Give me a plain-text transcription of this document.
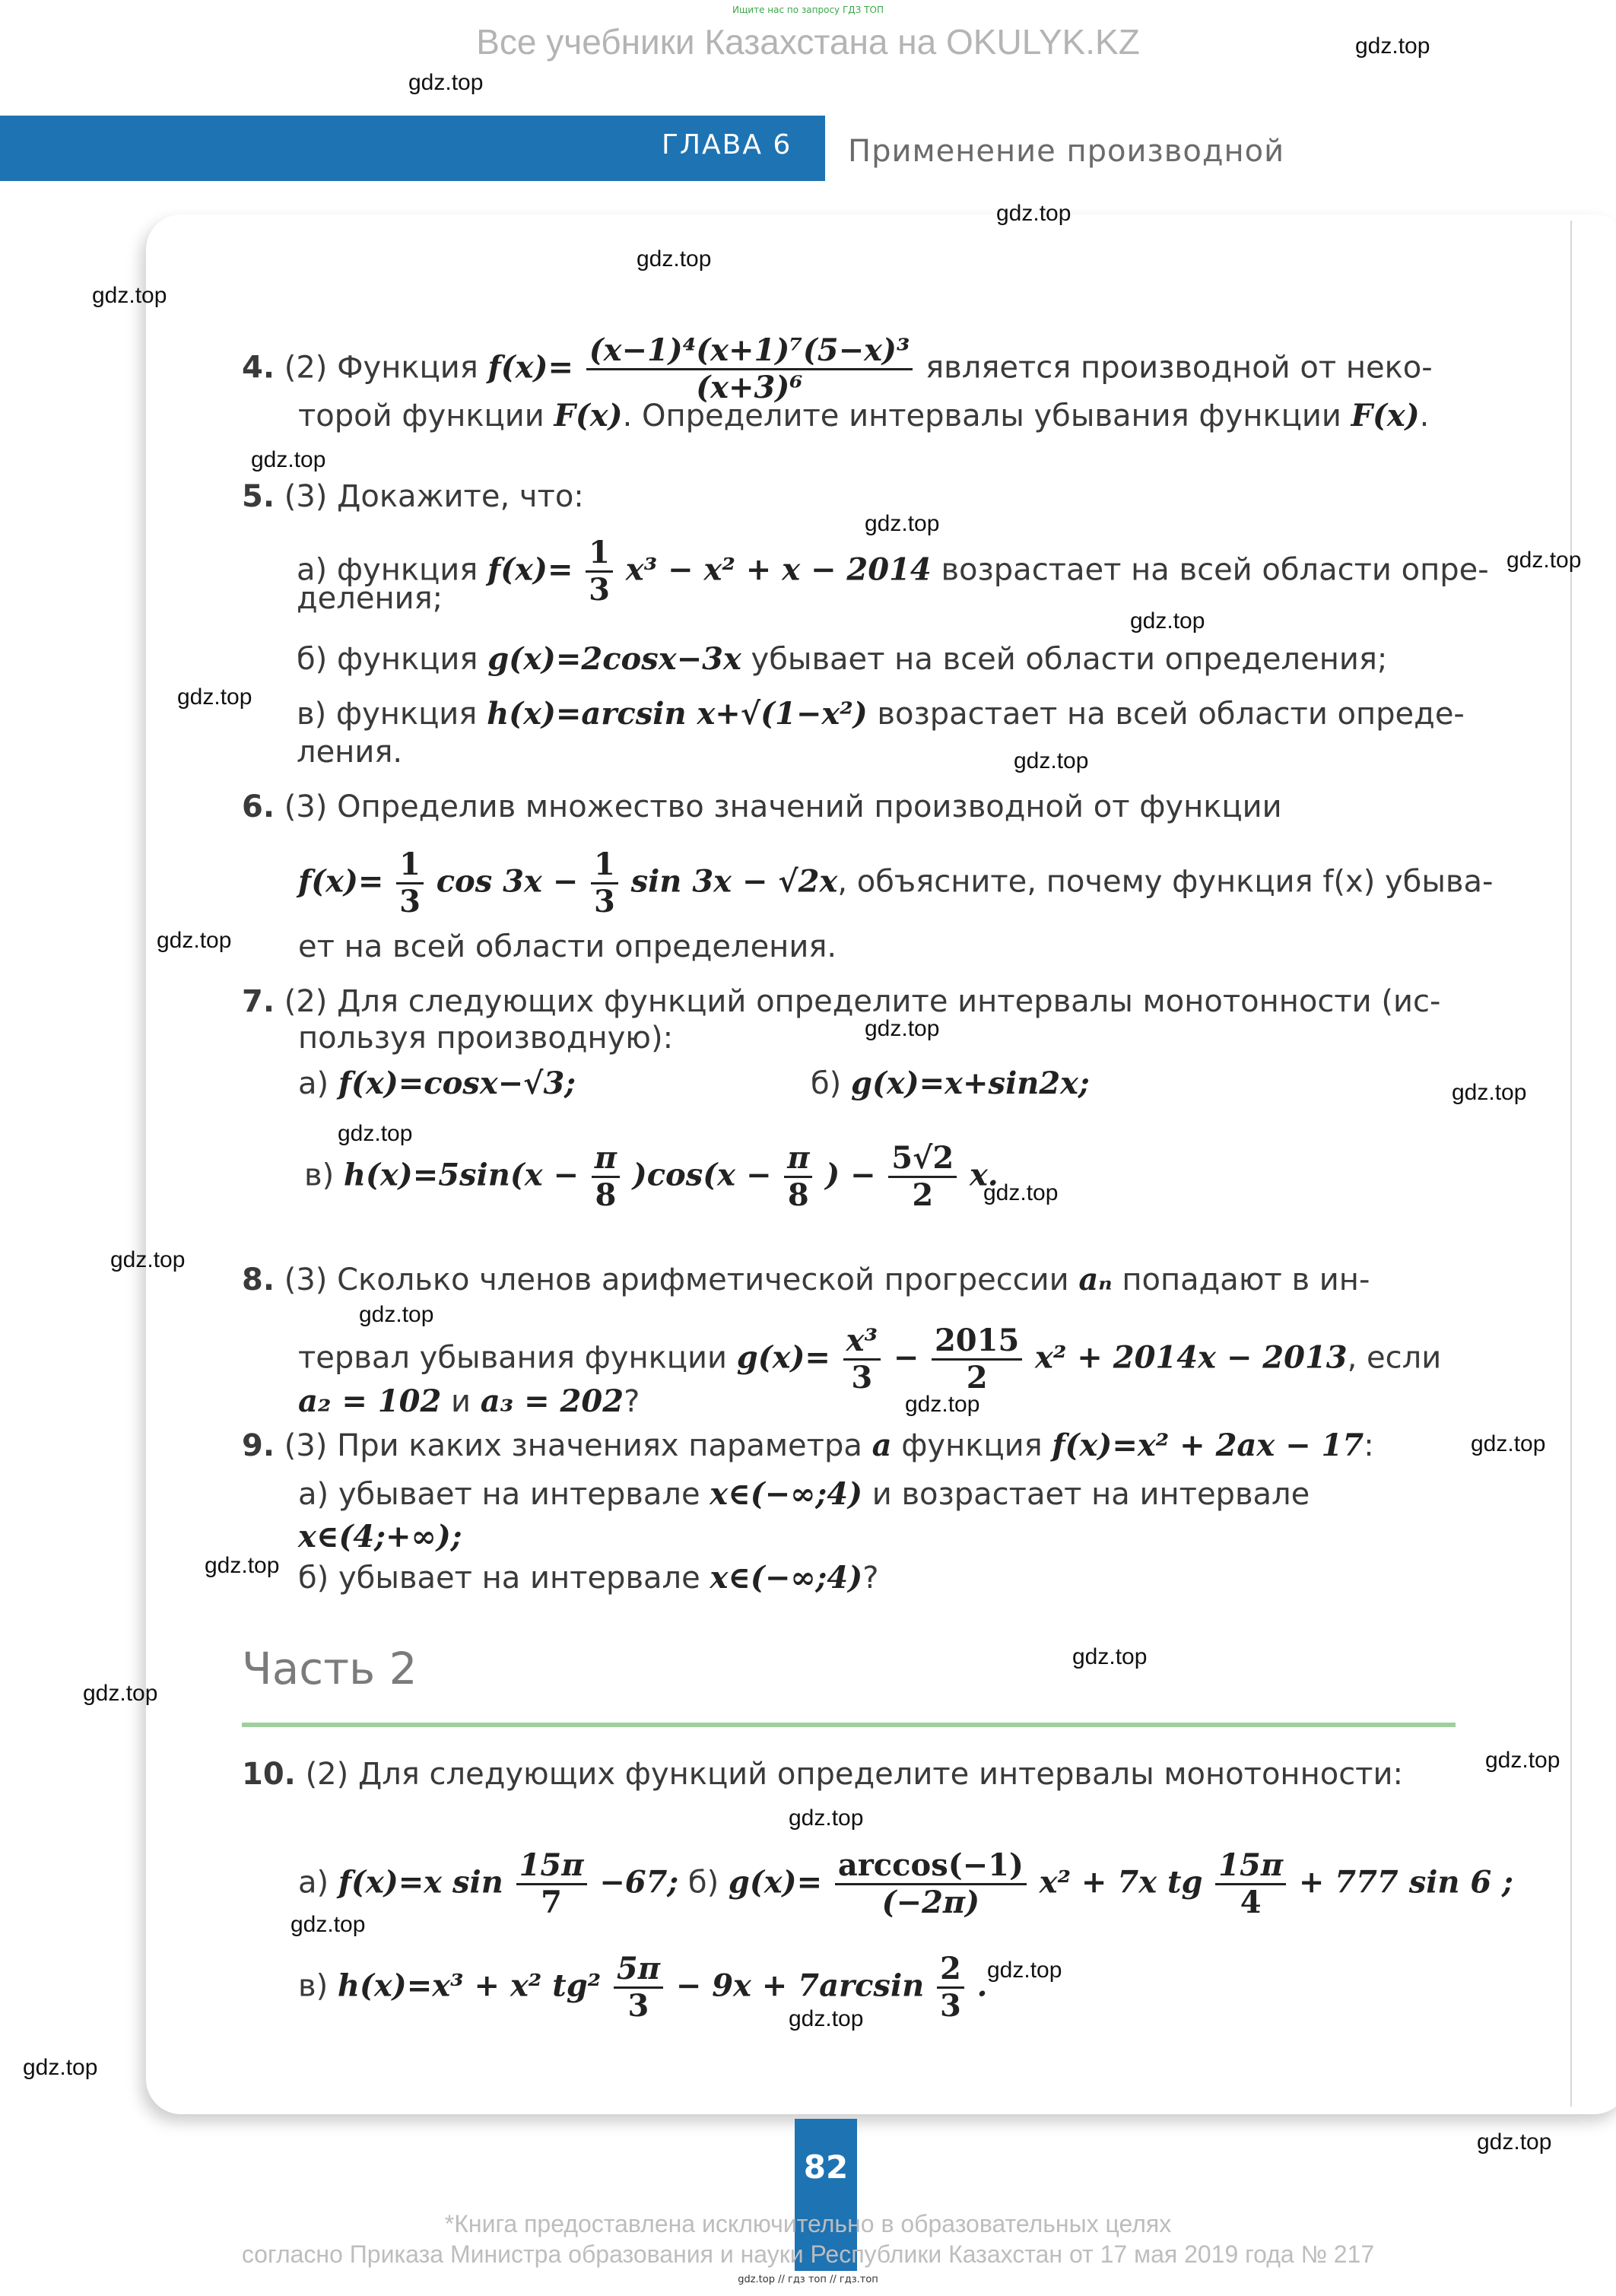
Ищите нас по запросу ГДЗ ТОП
Все учебники Казахстана на OKULYK.KZ
ГЛАВА 6 Применение производной
4. (2) Функция $f(x)= \frac{\text{(x−1)⁴(x+1)⁷(5−x)³}}{\text{(x+3)⁶}}$ является производной от неко-
торой функции F(x). Определите интервалы убывания функции F(x).
5. (3) Докажите, что:
а) функция $f(x)= \frac{1}{3} x^3 - x^2 + x - 2014$ возрастает на всей области опре-
деления;
б) функция g(x)=2cosx−3x убывает на всей области определения;
в) функция h(x)=arcsin x+√(1−x²) возрастает на всей области опреде-
ления.
6. (3) Определив множество значений производной от функции
$f(x)= \frac{1}{3}$ $\cos 3x - \frac{1}{3}$ sin 3x − √2x, объясните, почему функция f(x) убыва-
ет на всей области определения.
7. (2) Для следующих функций определите интервалы монотонности (ис-
пользуя производную):
а) f(x)=cosx−√3;	б) g(x)=x+sin2x;
в) $h(x)=5\sin(x - \frac{\pi}{8} )\cos(x - \frac{\pi}{8}$ ) − $\frac{5√2}{2} x$.
8. (3) Сколько членов арифметической прогрессии aₙ попадают в ин-
тервал убывания функции $g(x)= \frac{\text{x³}}{3} - \frac{2015}{2} x^2 + 2014x - 2013$, если
a₂ = 102 и a₃ = 202?
9. (3) При каких значениях параметра a функция f(x)=x² + 2ax − 17:
а) убывает на интервале x∈(−∞;4) и возрастает на интервале
x∈(4;+∞);
б) убывает на интервале x∈(−∞;4)?
Часть 2
10. (2) Для следующих функций определите интервалы монотонности:
а) f(x)=x $\sin \frac{15\pi}{7} -67$; б) $g(x)= \frac{\arccos(-1)}{(-2\pi)} x^2 + 7x$ tg $\frac{15\pi}{4} + 777$ sin 6 ;
в) h(x)=x³ + x² $tg^2 \frac{5\pi}{3} - 9x + 7\arcsin \frac{2}{3}$ .
82
*Книга предоставлена исключительно в образовательных целях
согласно Приказа Министра образования и науки Республики Казахстан от 17 мая 2019 года № 217
gdz.top // гдз топ // гдз.топ
gdz.top
gdz.top
gdz.top
gdz.top
gdz.top
gdz.top
gdz.top
gdz.top
gdz.top
gdz.top
gdz.top
gdz.top
gdz.top
gdz.top
gdz.top
gdz.top
gdz.top
gdz.top
gdz.top
gdz.top
gdz.top
gdz.top
gdz.top
gdz.top
gdz.top
gdz.top
gdz.top
gdz.top
gdz.top
gdz.top
